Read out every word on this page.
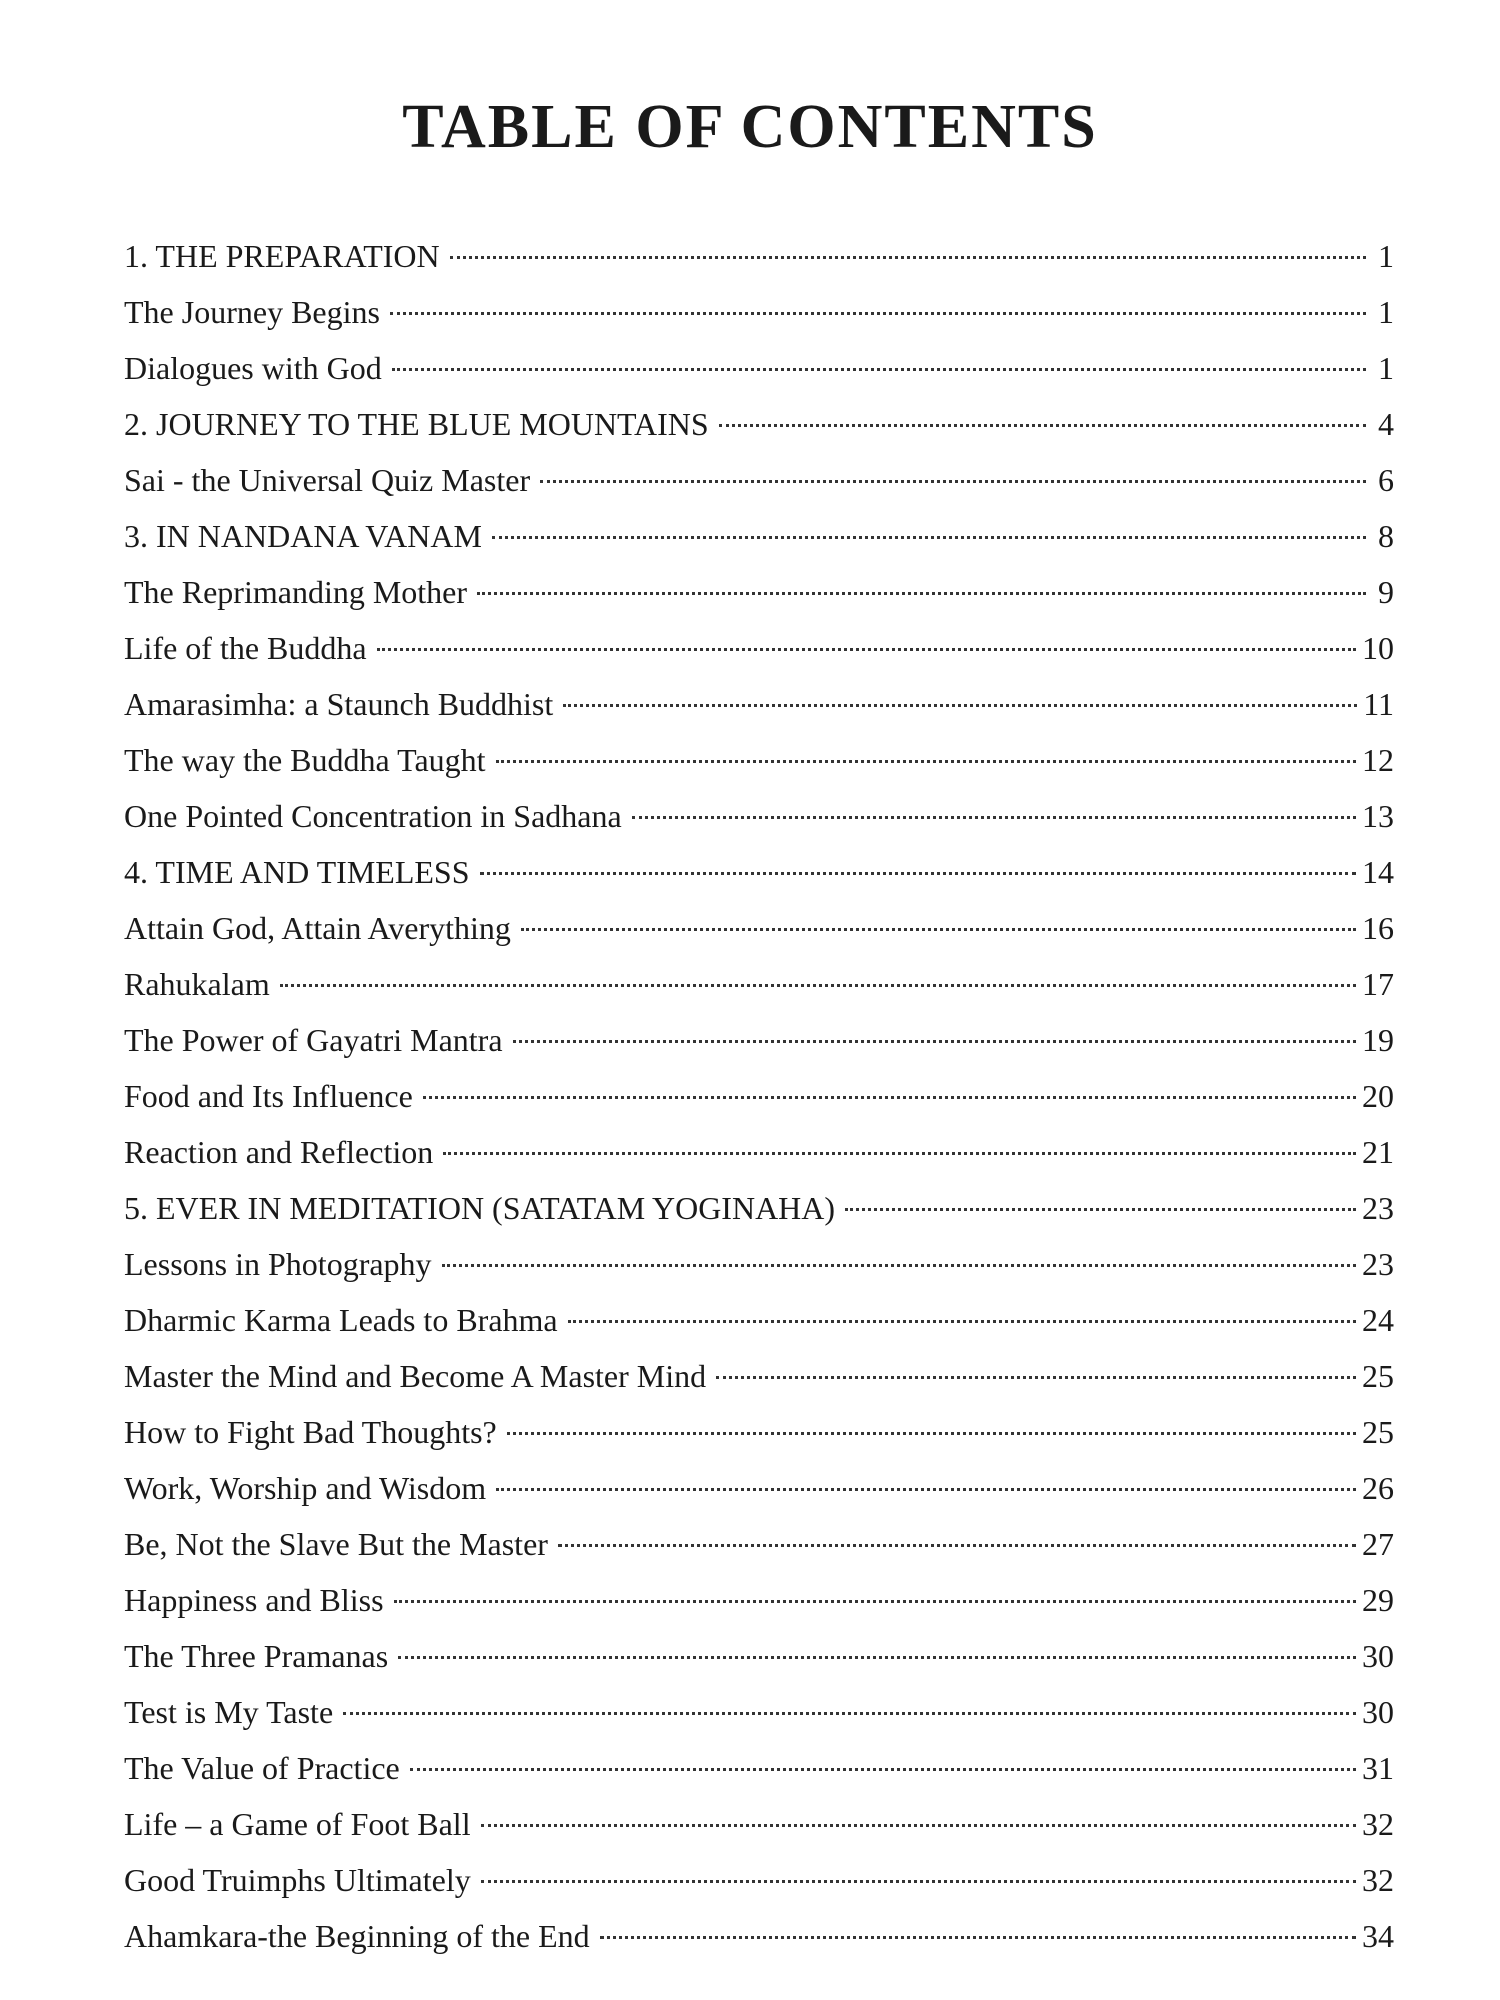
TABLE OF CONTENTS
1. THE PREPARATION	1
The Journey Begins	1
Dialogues with God	1
2. JOURNEY TO THE BLUE MOUNTAINS	4
Sai - the Universal Quiz Master	6
3. IN NANDANA VANAM	8
The Reprimanding Mother	9
Life of the Buddha	10
Amarasimha: a Staunch Buddhist	11
The way the Buddha Taught	12
One Pointed Concentration in Sadhana	13
4. TIME AND TIMELESS	14
Attain God, Attain Averything	16
Rahukalam	17
The Power of Gayatri Mantra	19
Food and Its Influence	20
Reaction and Reflection	21
5. EVER IN MEDITATION (SATATAM YOGINAHA)	23
Lessons in Photography	23
Dharmic Karma Leads to Brahma	24
Master the Mind and Become A Master Mind	25
How to Fight Bad Thoughts?	25
Work, Worship and Wisdom	26
Be, Not the Slave But the Master	27
Happiness and Bliss	29
The Three Pramanas	30
Test is My Taste	30
The Value of Practice	31
Life – a Game of Foot Ball	32
Good Truimphs Ultimately	32
Ahamkara-the Beginning of the End	34
